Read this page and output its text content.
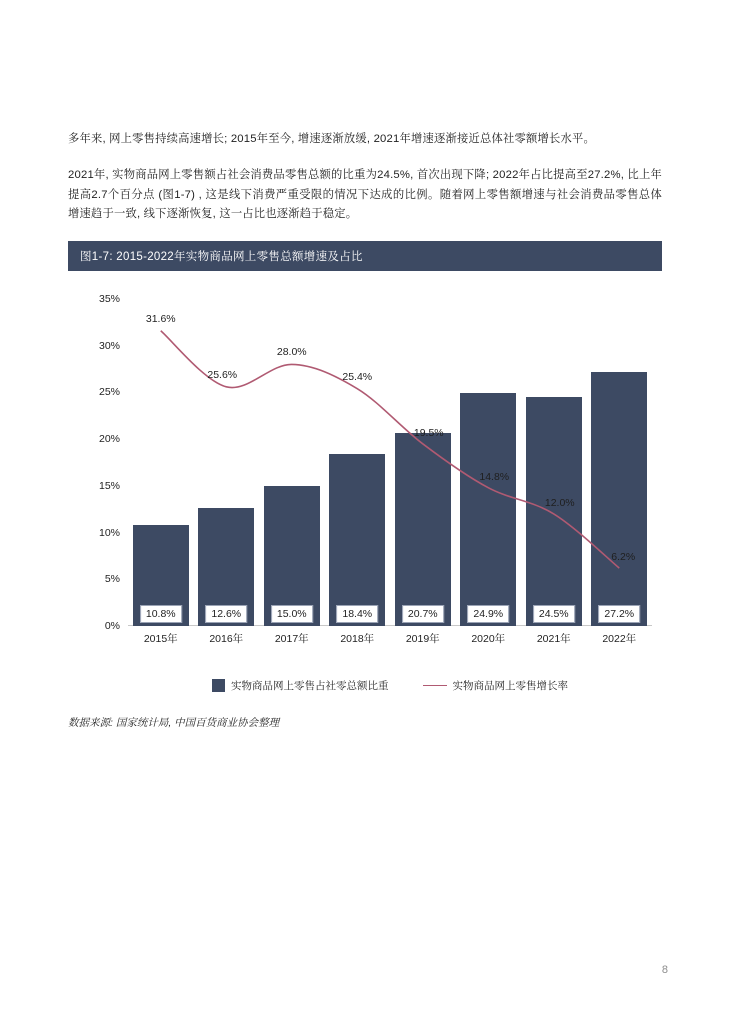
多年来, 网上零售持续高速增长; 2015年至今, 增速逐渐放缓, 2021年增速逐渐接近总体社零额增长水平。

2021年, 实物商品网上零售额占社会消费品零售总额的比重为24.5%, 首次出现下降; 2022年占比提高至27.2%, 比上年提高2.7个百分点 (图1-7) , 这是线下消费严重受限的情况下达成的比例。随着网上零售额增速与社会消费品零售总体增速趋于一致, 线下逐渐恢复, 这一占比也逐渐趋于稳定。

图1-7: 2015-2022年实物商品网上零售总额增速及占比
0%
5%
10%
15%
20%
25%
30%
35%
10.8%	12.6%	15.0%	18.4%	20.7%	24.9%	24.5%	27.2%
31.6%
25.6%
28.0%
25.4%
19.5%
14.8%
12.0%
6.2%
2015年	2016年	2017年	2018年	2019年	2020年	2021年	2022年
实物商品网上零售占社零总额比重	实物商品网上零售增长率
数据来源: 国家统计局, 中国百货商业协会整理
8
